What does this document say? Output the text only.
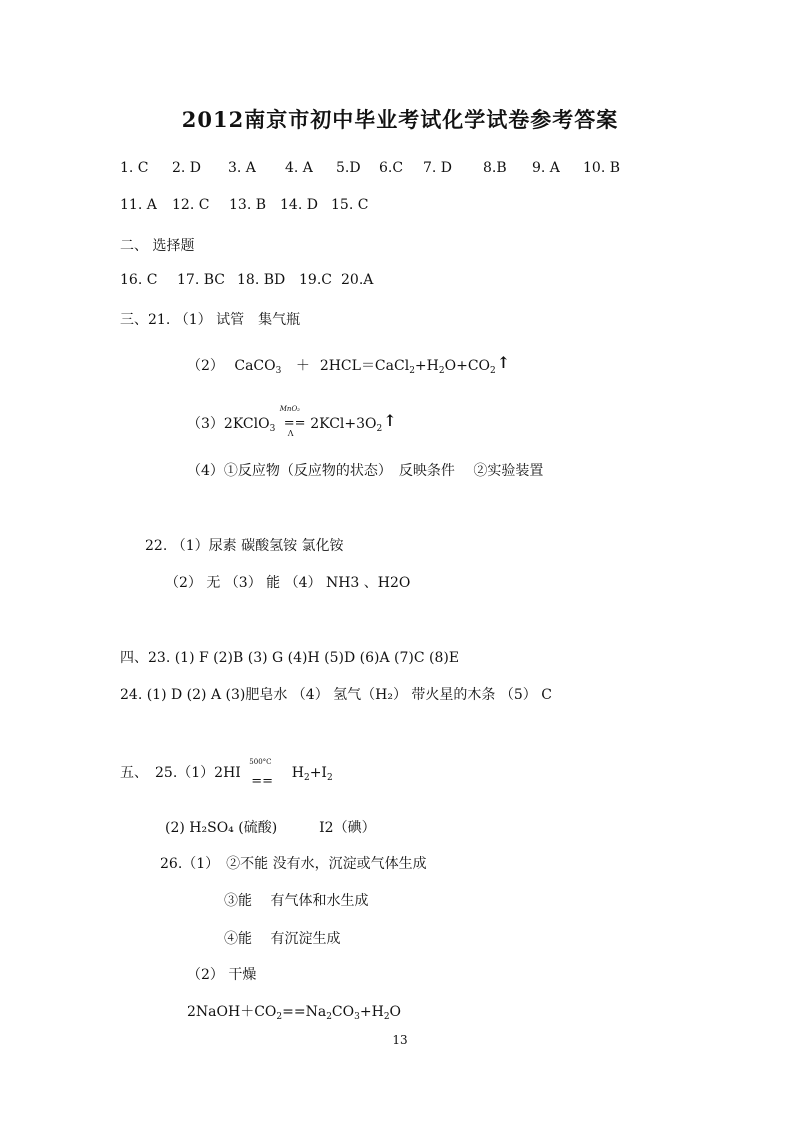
2012南京市初中毕业考试化学试卷参考答案
1. C 2. D 3. A 4. A 5.D 6.C 7. D 8.B 9. A 10. B
11. A 12. C 13. B 14. D 15. C
二、 选择题
16. C 17. BC 18. BD 19.C 20.A
三、21. （1） 试管　集气瓶
（2） CaCO$_3$ ＋ $2HCL=CaCl_2+H_2O+CO_2↑$
（3）2KClO$_3$
MnO₂
==
Λ
$2KCl+3O_2↑$
（4）①反应物（反应物的状态）　反映条件　 ②实验装置
22. （1）尿素 碳酸氢铵 氯化铵
（2） 无 （3） 能 （4） NH3 、H2O
四、23. (1) F (2)B (3) G (4)H (5)D (6)A (7)C (8)E
24. (1) D (2) A (3)肥皂水 （4） 氢气（H₂） 带火星的木条 （5） C
五、　25.（1）2HI
500°C
==
$H_2+I_2$
(2) H₂SO₄ (硫酸)　　　I2（碘）
26.（1）　②不能 没有水，沉淀或气体生成
③能　 有气体和水生成
④能　 有沉淀生成
（2） 干燥
$2NaOH+CO_2==Na_2CO_3+H_2O$
13
